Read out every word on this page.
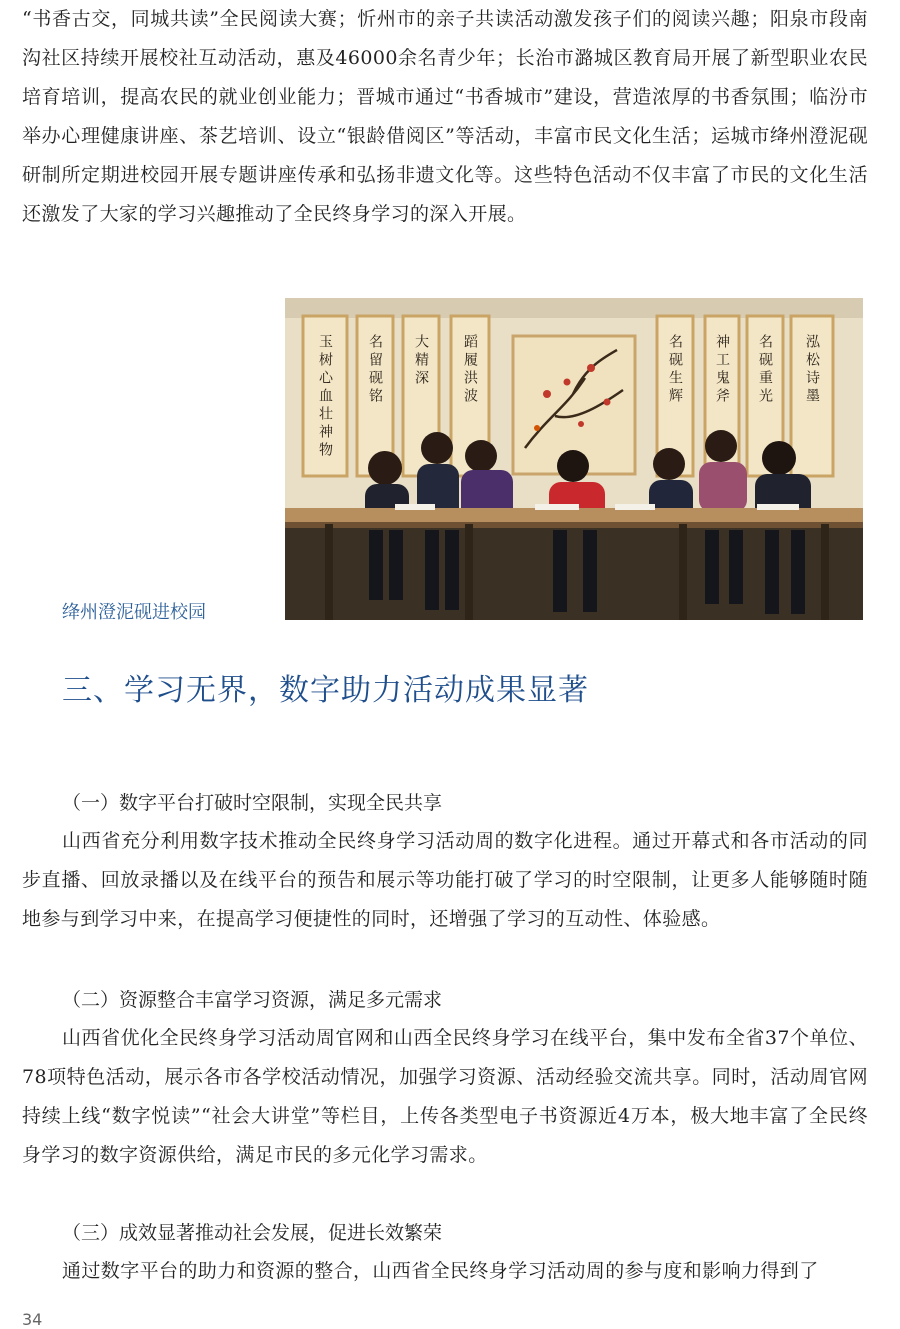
“书香古交，同城共读”全民阅读大赛；忻州市的亲子共读活动激发孩子们的阅读兴趣；阳泉市段南沟社区持续开展校社互动活动，惠及46000余名青少年；长治市潞城区教育局开展了新型职业农民培育培训，提高农民的就业创业能力；晋城市通过“书香城市”建设，营造浓厚的书香氛围；临汾市举办心理健康讲座、茶艺培训、设立“银龄借阅区”等活动，丰富市民文化生活；运城市绛州澄泥砚研制所定期进校园开展专题讲座传承和弘扬非遗文化等。这些特色活动不仅丰富了市民的文化生活还激发了大家的学习兴趣推动了全民终身学习的深入开展。

玉树心血壮神物 名留砚铭 大精深 蹈履洪波	名砚生辉 神工鬼斧 名砚重光 泓松诗墨
绛州澄泥砚进校园
三、学习无界，数字助力活动成果显著
（一）数字平台打破时空限制，实现全民共享

山西省充分利用数字技术推动全民终身学习活动周的数字化进程。通过开幕式和各市活动的同步直播、回放录播以及在线平台的预告和展示等功能打破了学习的时空限制，让更多人能够随时随地参与到学习中来，在提高学习便捷性的同时，还增强了学习的互动性、体验感。

（二）资源整合丰富学习资源，满足多元需求

山西省优化全民终身学习活动周官网和山西全民终身学习在线平台，集中发布全省37个单位、78项特色活动，展示各市各学校活动情况，加强学习资源、活动经验交流共享。同时，活动周官网持续上线“数字悦读”“社会大讲堂”等栏目，上传各类型电子书资源近4万本，极大地丰富了全民终身学习的数字资源供给，满足市民的多元化学习需求。

（三）成效显著推动社会发展，促进长效繁荣

通过数字平台的助力和资源的整合，山西省全民终身学习活动周的参与度和影响力得到了

34
